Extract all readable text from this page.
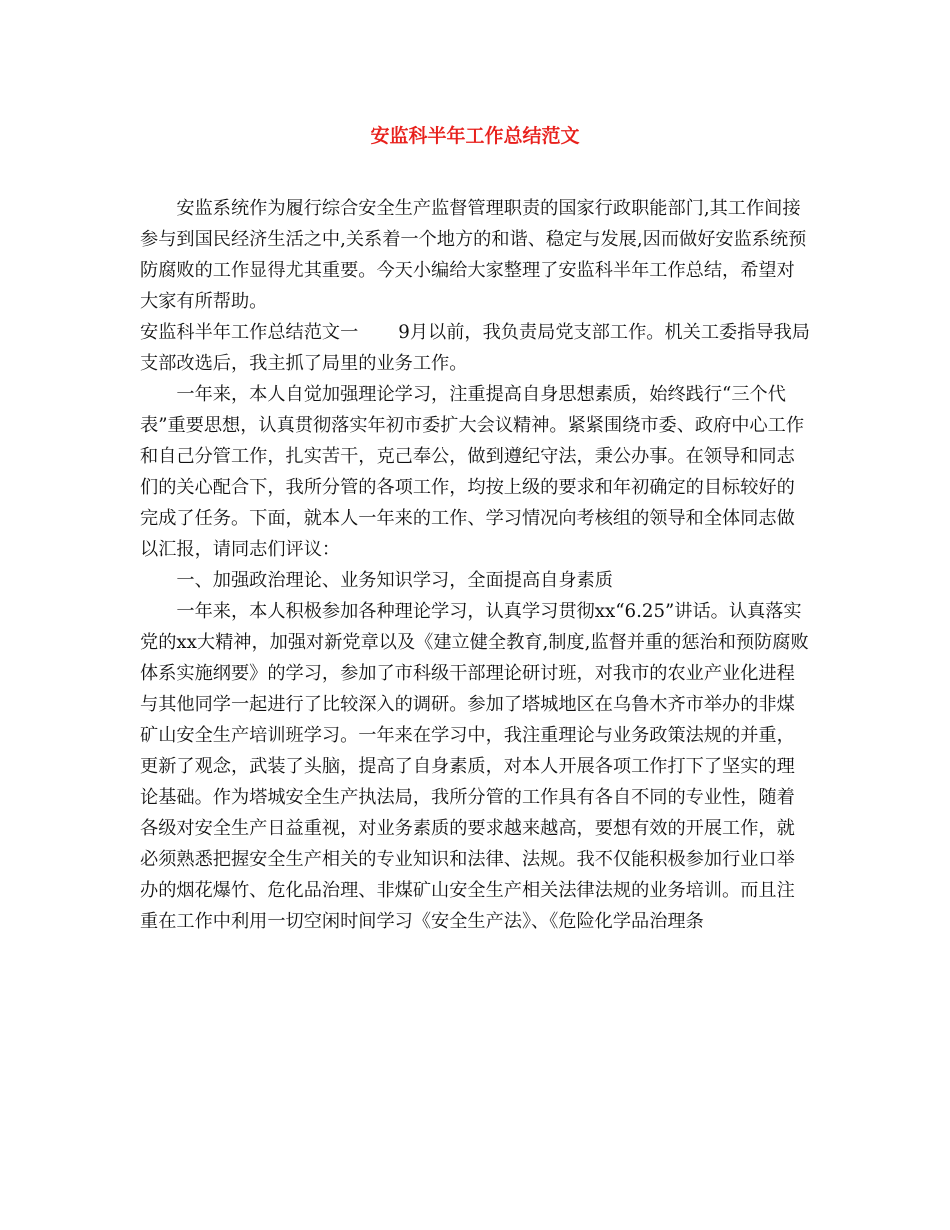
安监科半年工作总结范文

安监系统作为履行综合安全生产监督管理职责的国家行政职能部门,其工作间接参与到国民经济生活之中,关系着一个地方的和谐、稳定与发展,因而做好安监系统预防腐败的工作显得尤其重要。今天小编给大家整理了安监科半年工作总结，希望对大家有所帮助。

安监科半年工作总结范文一 9月以前，我负责局党支部工作。机关工委指导我局支部改选后，我主抓了局里的业务工作。

一年来，本人自觉加强理论学习，注重提高自身思想素质，始终践行“三个代表”重要思想，认真贯彻落实年初市委扩大会议精神。紧紧围绕市委、政府中心工作和自己分管工作，扎实苦干，克己奉公，做到遵纪守法，秉公办事。在领导和同志们的关心配合下，我所分管的各项工作，均按上级的要求和年初确定的目标较好的完成了任务。下面，就本人一年来的工作、学习情况向考核组的领导和全体同志做以汇报，请同志们评议：

一、加强政治理论、业务知识学习，全面提高自身素质

一年来，本人积极参加各种理论学习，认真学习贯彻xx“6.25”讲话。认真落实党的xx大精神，加强对新党章以及《建立健全教育,制度,监督并重的惩治和预防腐败体系实施纲要》的学习，参加了市科级干部理论研讨班，对我市的农业产业化进程与其他同学一起进行了比较深入的调研。参加了塔城地区在乌鲁木齐市举办的非煤矿山安全生产培训班学习。一年来在学习中，我注重理论与业务政策法规的并重，更新了观念，武装了头脑，提高了自身素质，对本人开展各项工作打下了坚实的理论基础。作为塔城安全生产执法局，我所分管的工作具有各自不同的专业性，随着各级对安全生产日益重视，对业务素质的要求越来越高，要想有效的开展工作，就必须熟悉把握安全生产相关的专业知识和法律、法规。我不仅能积极参加行业口举办的烟花爆竹、危化品治理、非煤矿山安全生产相关法律法规的业务培训。而且注重在工作中利用一切空闲时间学习《安全生产法》、《危险化学品治理条
